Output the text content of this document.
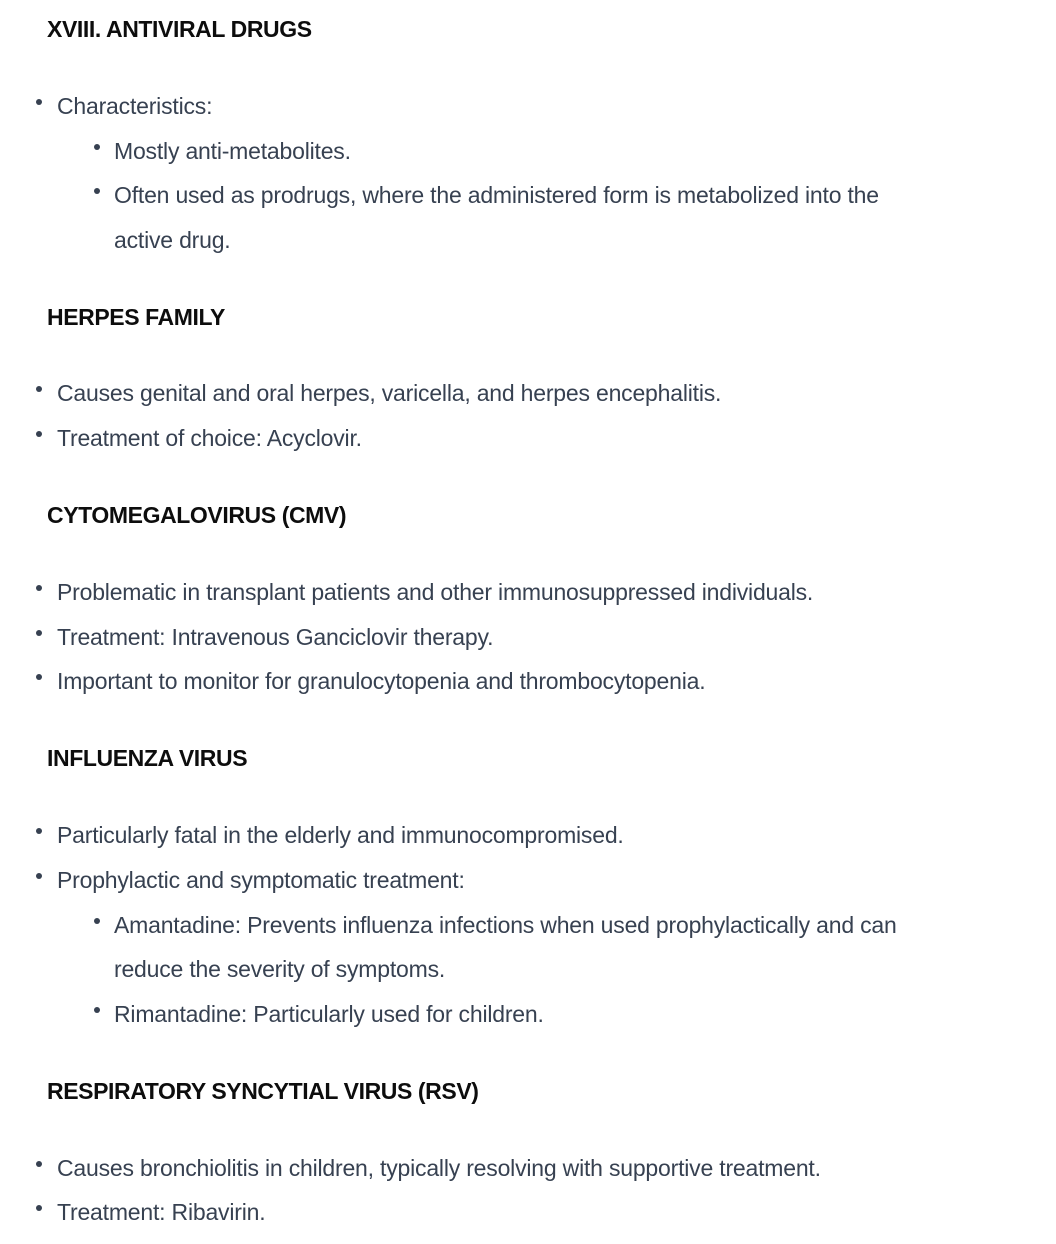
XVIII. ANTIVIRAL DRUGS
Characteristics:
Mostly anti-metabolites.
Often used as prodrugs, where the administered form is metabolized into the
active drug.
HERPES FAMILY
Causes genital and oral herpes, varicella, and herpes encephalitis.
Treatment of choice: Acyclovir.
CYTOMEGALOVIRUS (CMV)
Problematic in transplant patients and other immunosuppressed individuals.
Treatment: Intravenous Ganciclovir therapy.
Important to monitor for granulocytopenia and thrombocytopenia.
INFLUENZA VIRUS
Particularly fatal in the elderly and immunocompromised.
Prophylactic and symptomatic treatment:
Amantadine: Prevents influenza infections when used prophylactically and can
reduce the severity of symptoms.
Rimantadine: Particularly used for children.
RESPIRATORY SYNCYTIAL VIRUS (RSV)
Causes bronchiolitis in children, typically resolving with supportive treatment.
Treatment: Ribavirin.
